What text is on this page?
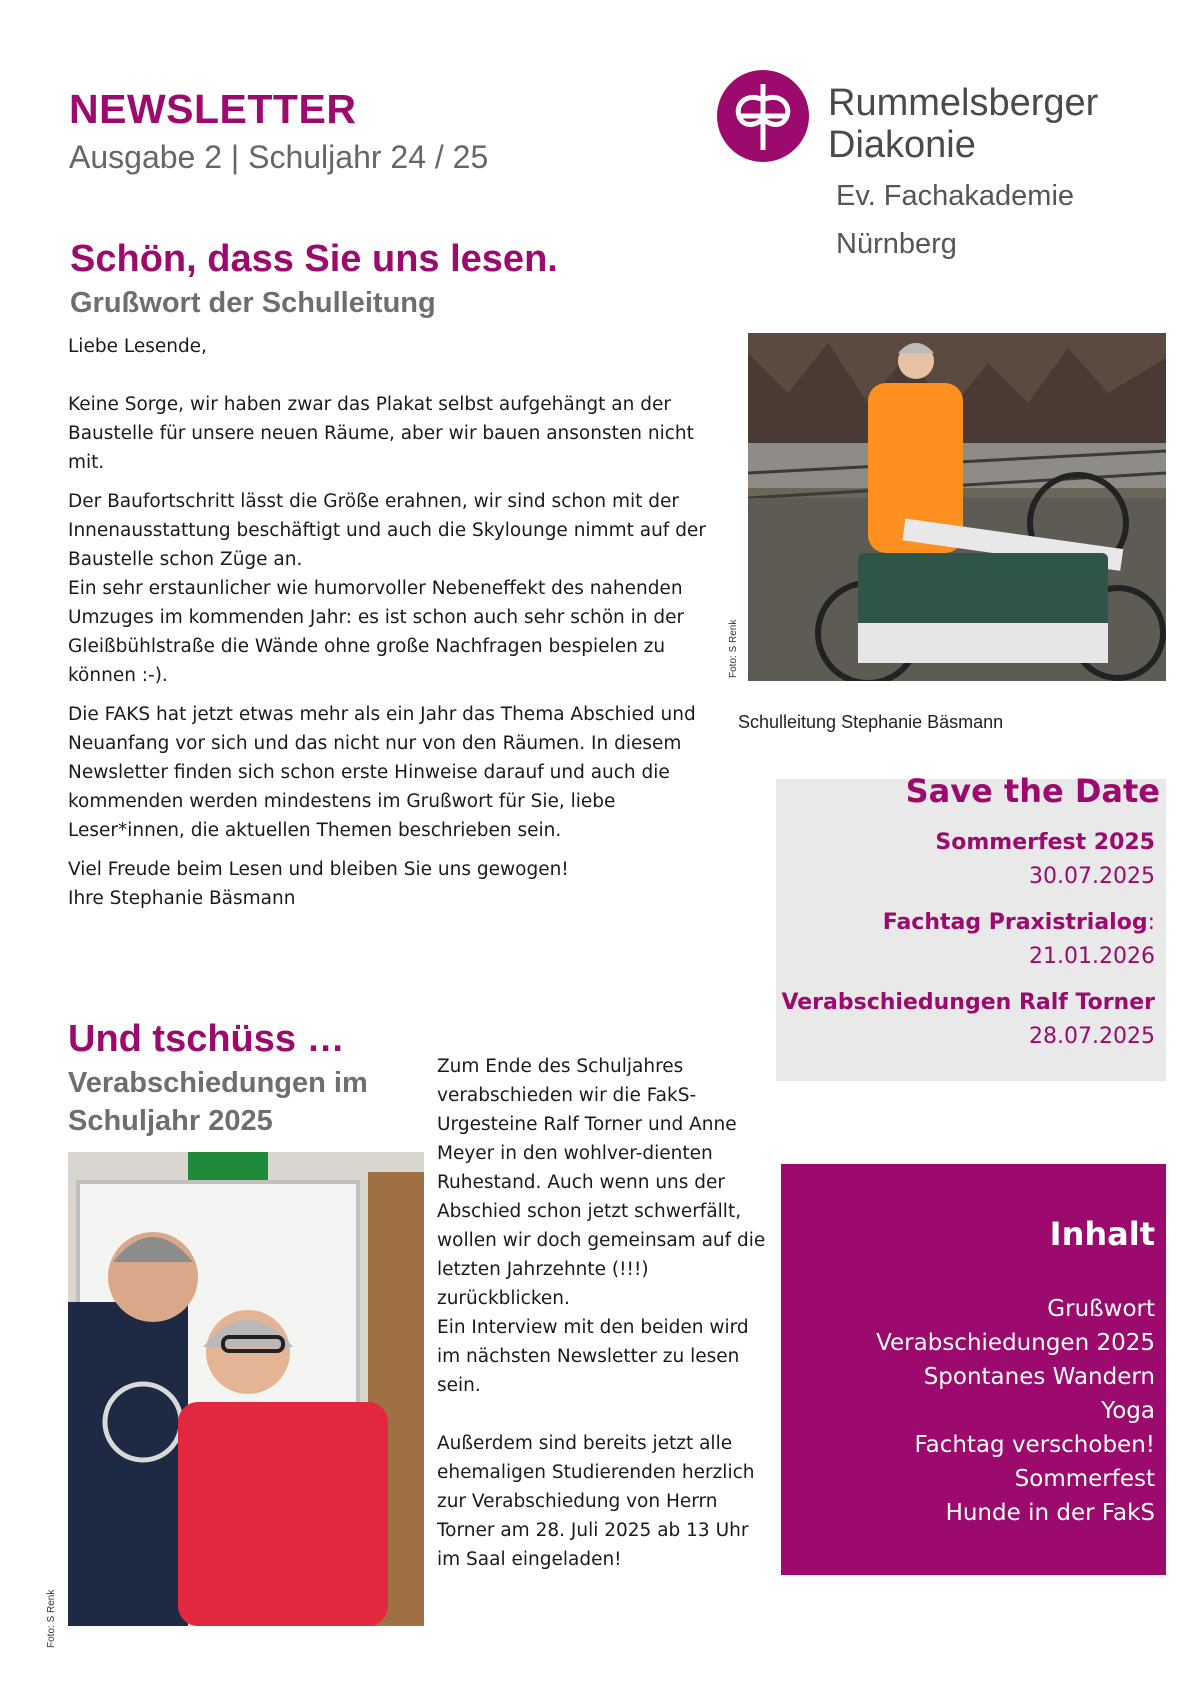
NEWSLETTER
Ausgabe 2 | Schuljahr 24 / 25
Rummelsberger
Diakonie
Ev. Fachakademie
Nürnberg
Schön, dass Sie uns lesen.
Grußwort der Schulleitung

Liebe Lesende,

Keine Sorge, wir haben zwar das Plakat selbst aufgehängt an der Baustelle für unsere neuen Räume, aber wir bauen ansonsten nicht mit.

Der Baufortschritt lässt die Größe erahnen, wir sind schon mit der Innenausstattung beschäftigt und auch die Skylounge nimmt auf der Baustelle schon Züge an.

Ein sehr erstaunlicher wie humorvoller Nebeneffekt des nahenden Umzuges im kommenden Jahr: es ist schon auch sehr schön in der Gleißbühlstraße die Wände ohne große Nachfragen bespielen zu können :-).

Die FAKS hat jetzt etwas mehr als ein Jahr das Thema Abschied und Neuanfang vor sich und das nicht nur von den Räumen. In diesem Newsletter finden sich schon erste Hinweise darauf und auch die kommenden werden mindestens im Grußwort für Sie, liebe Leser*innen, die aktuellen Themen beschrieben sein.

Viel Freude beim Lesen und bleiben Sie uns gewogen!

Ihre Stephanie Bäsmann

Foto: S Renk
Schulleitung Stephanie Bäsmann
Save the Date
Sommerfest 2025
30.07.2025
Fachtag Praxistrialog:
21.01.2026
Verabschiedungen Ralf Torner
28.07.2025
Und tschüss …
Verabschiedungen im Schuljahr 2025
Foto: S Renk
Zum Ende des Schuljahres verabschieden wir die FakS-Urgesteine Ralf Torner und Anne Meyer in den wohlver-dienten Ruhestand. Auch wenn uns der Abschied schon jetzt schwerfällt, wollen wir doch gemeinsam auf die letzten Jahrzehnte (!!!) zurückblicken.
Ein Interview mit den beiden wird im nächsten Newsletter zu lesen sein.
Außerdem sind bereits jetzt alle ehemaligen Studierenden herzlich zur Verabschiedung von Herrn Torner am 28. Juli 2025 ab 13 Uhr im Saal eingeladen!
Inhalt
Grußwort
Verabschiedungen 2025
Spontanes Wandern
Yoga
Fachtag verschoben!
Sommerfest
Hunde in der FakS
